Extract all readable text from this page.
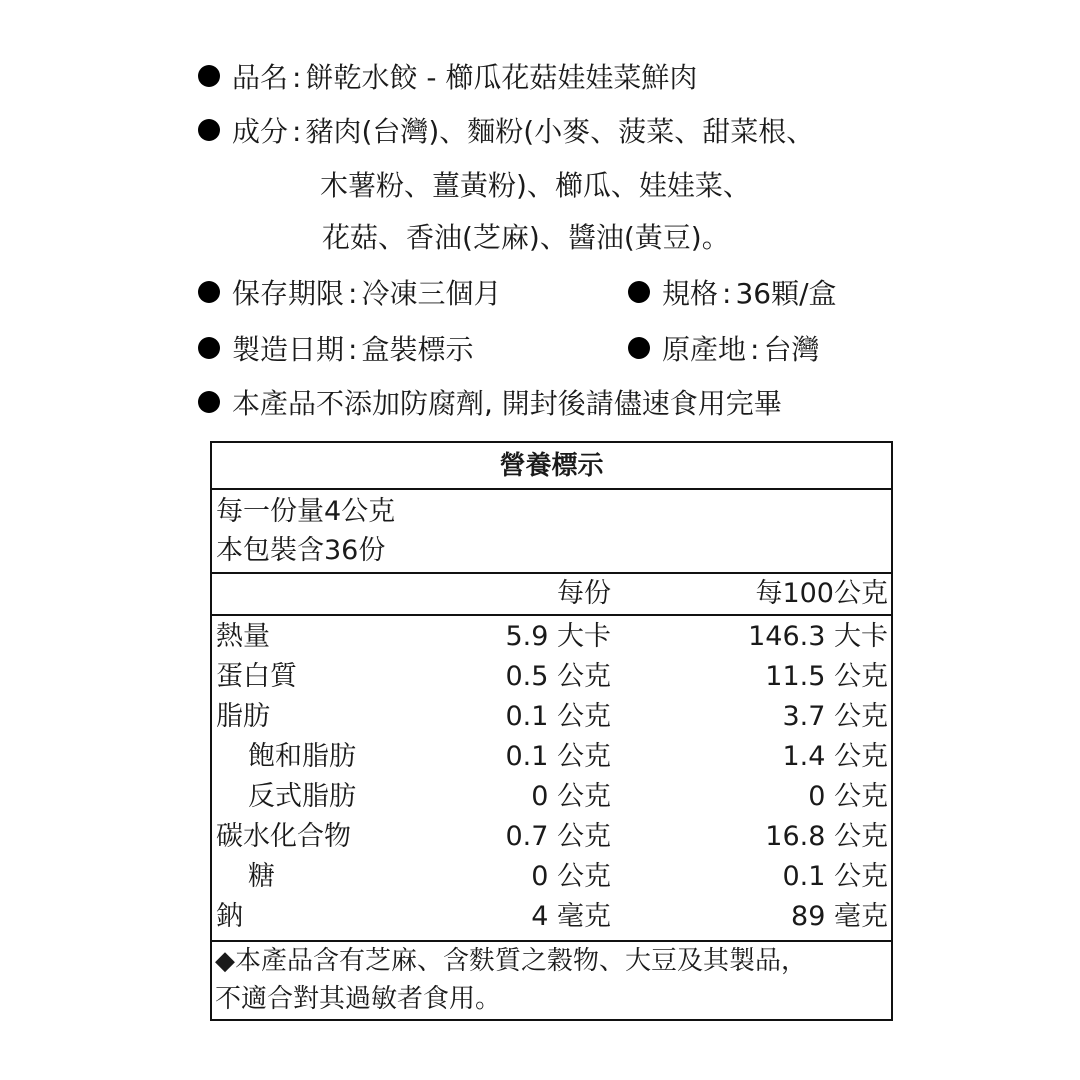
品名 : 餅乾水餃 - 櫛瓜花菇娃娃菜鮮肉
成分 : 豬肉(台灣)、麵粉(小麥、菠菜、甜菜根、
木薯粉、薑黃粉)、櫛瓜、娃娃菜、
花菇、香油(芝麻)、醬油(黃豆)。
保存期限 : 冷凍三個月	規格 : 36顆/盒
製造日期 : 盒裝標示	原產地 : 台灣
本產品不添加防腐劑, 開封後請儘速食用完畢
營養標示
每一份量4公克
本包裝含36份
每份	每100公克
熱量	5.9 大卡	146.3 大卡
蛋白質	0.5 公克	11.5 公克
脂肪	0.1 公克	3.7 公克
飽和脂肪	0.1 公克	1.4 公克
反式脂肪	0 公克	0 公克
碳水化合物	0.7 公克	16.8 公克
糖	0 公克	0.1 公克
鈉	4 毫克	89 毫克
◆本產品含有芝麻、含麩質之穀物、大豆及其製品，
不適合對其過敏者食用。
